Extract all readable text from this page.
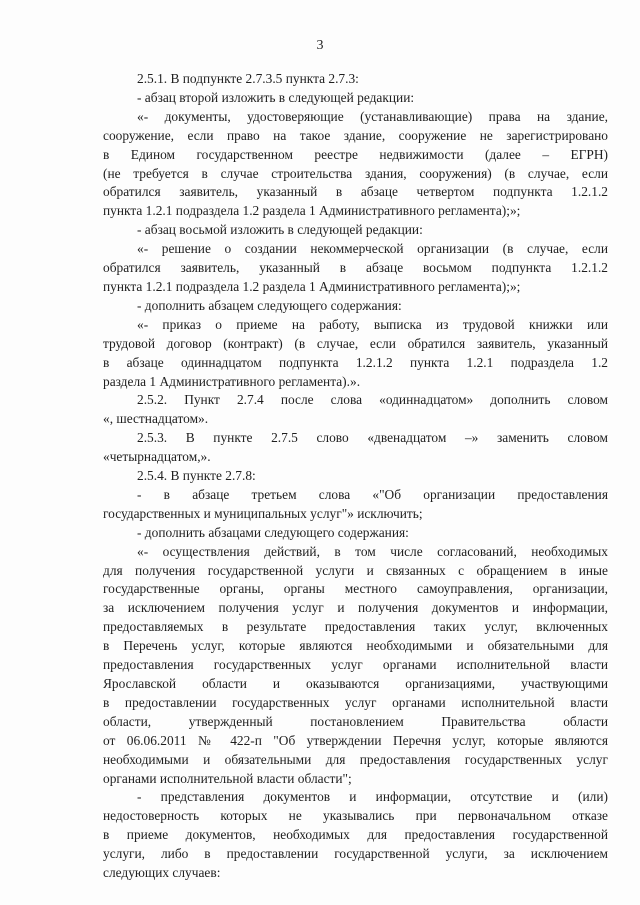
3
2.5.1. В подпункте 2.7.3.5 пункта 2.7.3:
- абзац второй изложить в следующей редакции:
«- документы, удостоверяющие (устанавливающие) права на здание,
сооружение, если право на такое здание, сооружение не зарегистрировано
в Едином государственном реестре недвижимости (далее – ЕГРН)
(не требуется в случае строительства здания, сооружения) (в случае, если
обратился заявитель, указанный в абзаце четвертом подпункта 1.2.1.2
пункта 1.2.1 подраздела 1.2 раздела 1 Административного регламента);»;
- абзац восьмой изложить в следующей редакции:
«- решение о создании некоммерческой организации (в случае, если
обратился заявитель, указанный в абзаце восьмом подпункта 1.2.1.2
пункта 1.2.1 подраздела 1.2 раздела 1 Административного регламента);»;
- дополнить абзацем следующего содержания:
«- приказ о приеме на работу, выписка из трудовой книжки или
трудовой договор (контракт) (в случае, если обратился заявитель, указанный
в абзаце одиннадцатом подпункта 1.2.1.2 пункта 1.2.1 подраздела 1.2
раздела 1 Административного регламента).».
2.5.2. Пункт 2.7.4 после слова «одиннадцатом» дополнить словом
«, шестнадцатом».
2.5.3. В пункте 2.7.5 слово «двенадцатом –» заменить словом
«четырнадцатом,».
2.5.4. В пункте 2.7.8:
- в абзаце третьем слова «"Об организации предоставления
государственных и муниципальных услуг"» исключить;
- дополнить абзацами следующего содержания:
«- осуществления действий, в том числе согласований, необходимых
для получения государственной услуги и связанных с обращением в иные
государственные органы, органы местного самоуправления, организации,
за исключением получения услуг и получения документов и информации,
предоставляемых в результате предоставления таких услуг, включенных
в Перечень услуг, которые являются необходимыми и обязательными для
предоставления государственных услуг органами исполнительной власти
Ярославской области и оказываются организациями, участвующими
в предоставлении государственных услуг органами исполнительной власти
области, утвержденный постановлением Правительства области
от 06.06.2011 № 422-п "Об утверждении Перечня услуг, которые являются
необходимыми и обязательными для предоставления государственных услуг
органами исполнительной власти области";
- представления документов и информации, отсутствие и (или)
недостоверность которых не указывались при первоначальном отказе
в приеме документов, необходимых для предоставления государственной
услуги, либо в предоставлении государственной услуги, за исключением
следующих случаев:
